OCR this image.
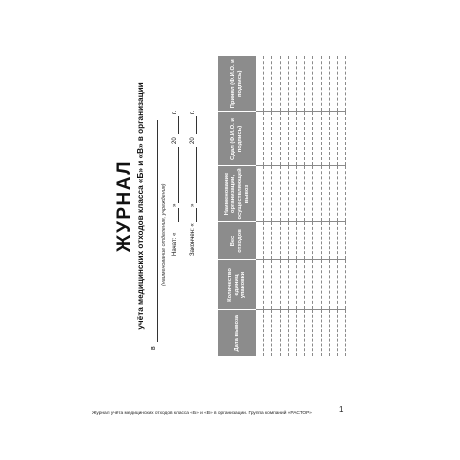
ЖУРНАЛ учёта медицинских отходов класса «Б» и «В» в организации
в
(наименование отделения, учреждения) Начат: «
»
20
г.
Закончен: «
»
20
г.
Дата вывоза	Количество единиц упаковки	Вес отходов	Наименование организации, осуществляющей вывоз	Сдал (Ф.И.О. и подпись)	Принял (Ф.И.О. и подпись)

Журнал учёта медицинских отходов класса «Б» и «В» в организации. Группа компаний «РАСТОР»	1
